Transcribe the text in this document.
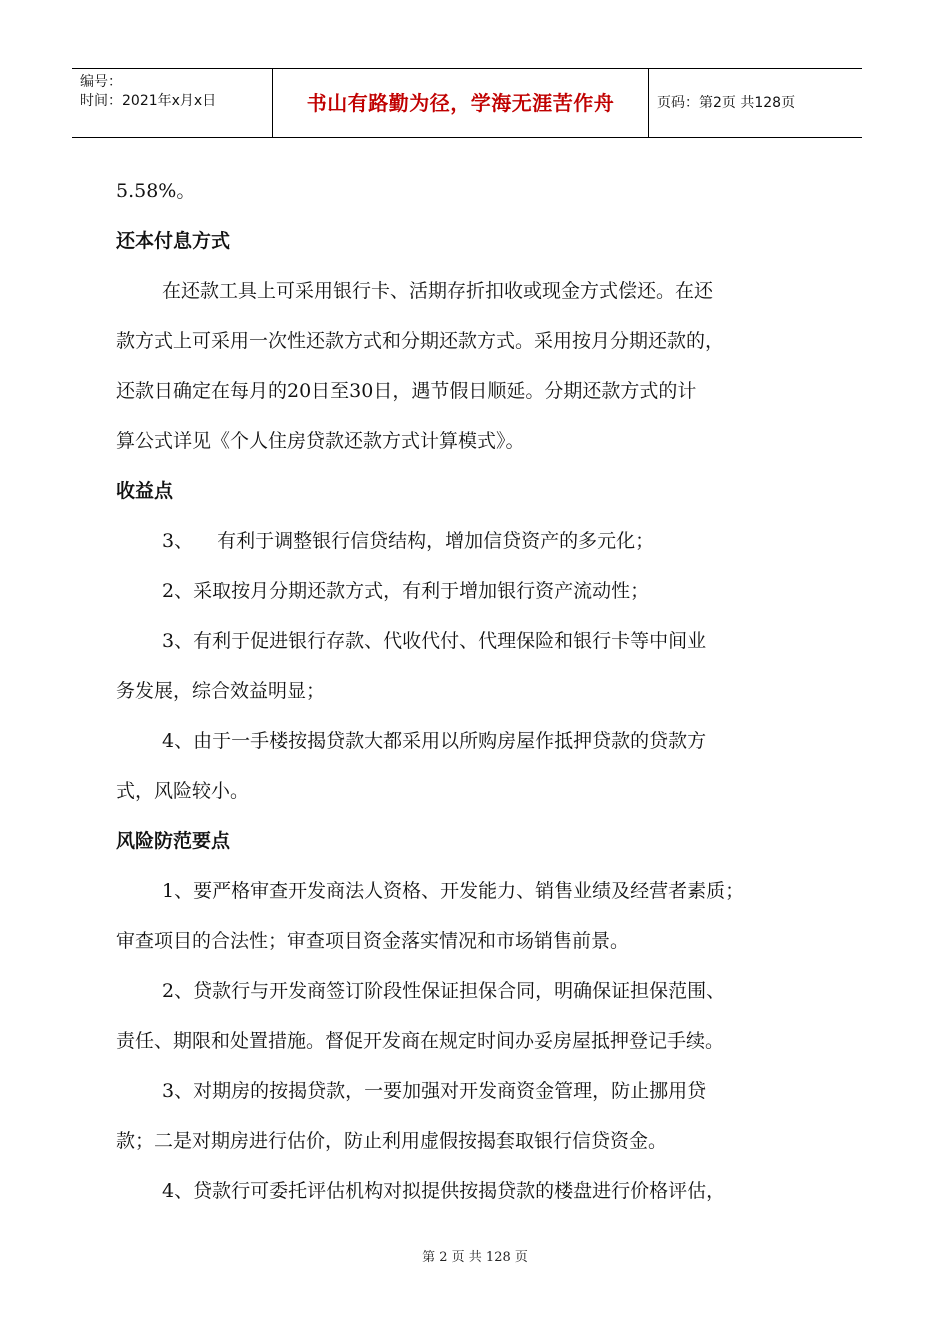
编号：
时间：2021年x月x日	书山有路勤为径，学海无涯苦作舟	页码：第2页 共128页

5.58%。

还本付息方式

在还款工具上可采用银行卡、活期存折扣收或现金方式偿还。在还

款方式上可采用一次性还款方式和分期还款方式。采用按月分期还款的，

还款日确定在每月的20日至30日，遇节假日顺延。分期还款方式的计

算公式详见《个人住房贷款还款方式计算模式》。

收益点

3、 有利于调整银行信贷结构，增加信贷资产的多元化；

2、采取按月分期还款方式，有利于增加银行资产流动性；

3、有利于促进银行存款、代收代付、代理保险和银行卡等中间业

务发展，综合效益明显；

4、由于一手楼按揭贷款大都采用以所购房屋作抵押贷款的贷款方

式，风险较小。

风险防范要点

1、要严格审查开发商法人资格、开发能力、销售业绩及经营者素质；

审查项目的合法性；审查项目资金落实情况和市场销售前景。

2、贷款行与开发商签订阶段性保证担保合同，明确保证担保范围、

责任、期限和处置措施。督促开发商在规定时间办妥房屋抵押登记手续。

3、对期房的按揭贷款，一要加强对开发商资金管理，防止挪用贷

款；二是对期房进行估价，防止利用虚假按揭套取银行信贷资金。

4、贷款行可委托评估机构对拟提供按揭贷款的楼盘进行价格评估，

第 2 页 共 128 页
